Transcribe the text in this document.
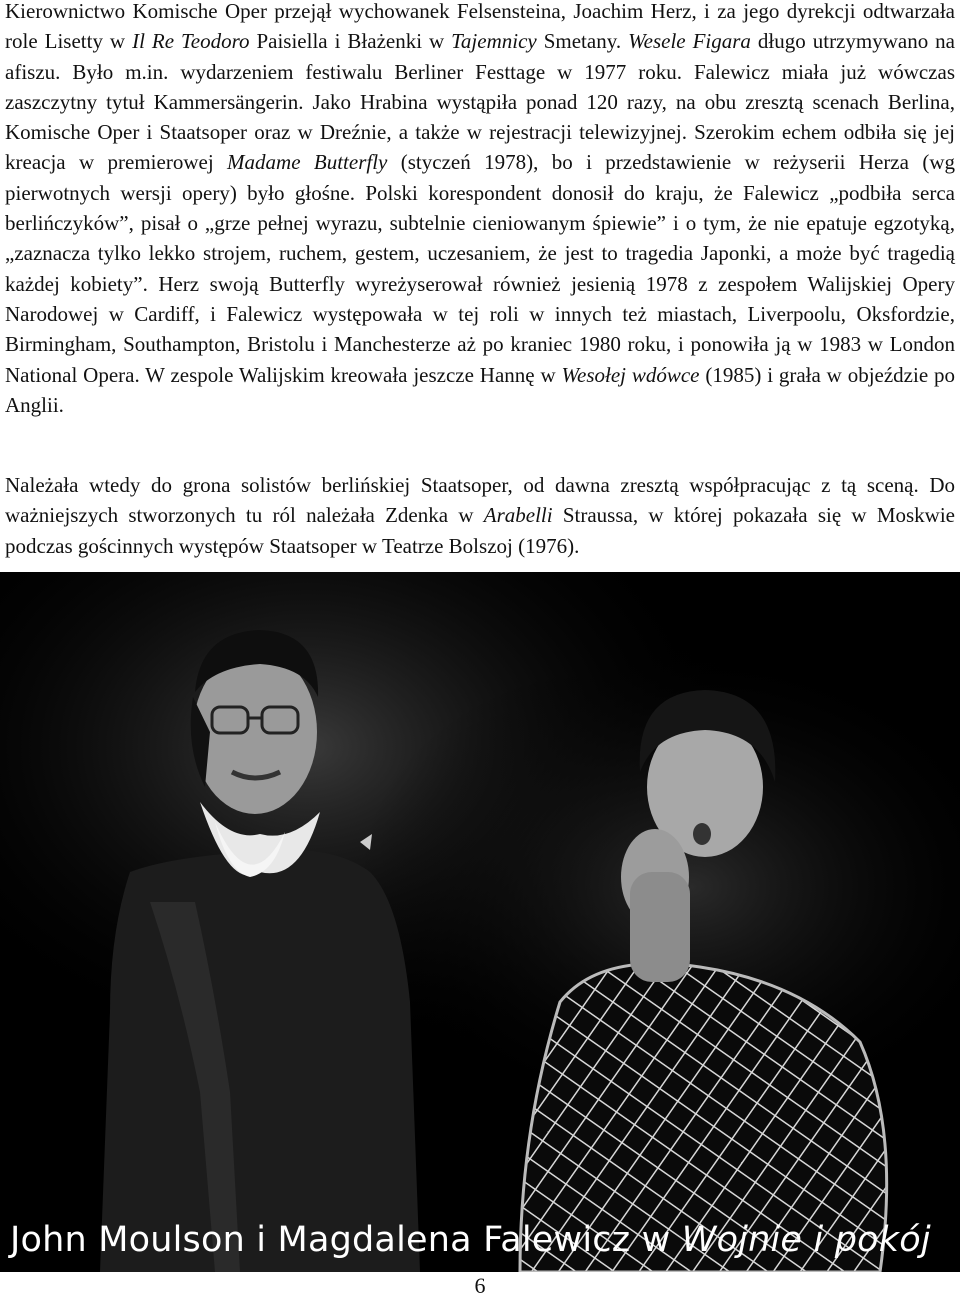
Kierownictwo Komische Oper przejął wychowanek Felsensteina, Joachim Herz, i za jego dyrekcji odtwarzała role Lisetty w Il Re Teodoro Paisiella i Błażenki w Tajemnicy Smetany. Wesele Figara długo utrzymywano na afiszu. Było m.in. wydarzeniem festiwalu Berliner Festtage w 1977 roku. Falewicz miała już wówczas zaszczytny tytuł Kammersängerin. Jako Hrabina wystąpiła ponad 120 razy, na obu zresztą scenach Berlina, Komische Oper i Staatsoper oraz w Dreźnie, a także w rejestracji telewizyjnej. Szerokim echem odbiła się jej kreacja w premierowej Madame Butterfly (styczeń 1978), bo i przedstawienie w reżyserii Herza (wg pierwotnych wersji opery) było głośne. Polski korespondent donosił do kraju, że Falewicz „podbiła serca berlińczyków”, pisał o „grze pełnej wyrazu, subtelnie cieniowanym śpiewie” i o tym, że nie epatuje egzotyką, „zaznacza tylko lekko strojem, ruchem, gestem, uczesaniem, że jest to tragedia Japonki, a może być tragedią każdej kobiety”. Herz swoją Butterfly wyreżyserował również jesienią 1978 z zespołem Walijskiej Opery Narodowej w Cardiff, i Falewicz występowała w tej roli w innych też miastach, Liverpoolu, Oksfordzie, Birmingham, Southampton, Bristolu i Manchesterze aż po kraniec 1980 roku, i ponowiła ją w 1983 w London National Opera. W zespole Walijskim kreowała jeszcze Hannę w Wesołej wdówce (1985) i grała w objeździe po Anglii.

Należała wtedy do grona solistów berlińskiej Staatsoper, od dawna zresztą współpracując z tą sceną. Do ważniejszych stworzonych tu ról należała Zdenka w Arabelli Straussa, w której pokazała się w Moskwie podczas gościnnych występów Staatsoper w Teatrze Bolszoj (1976).

John Moulson i Magdalena Falewicz w Wojnie i pokój
6
